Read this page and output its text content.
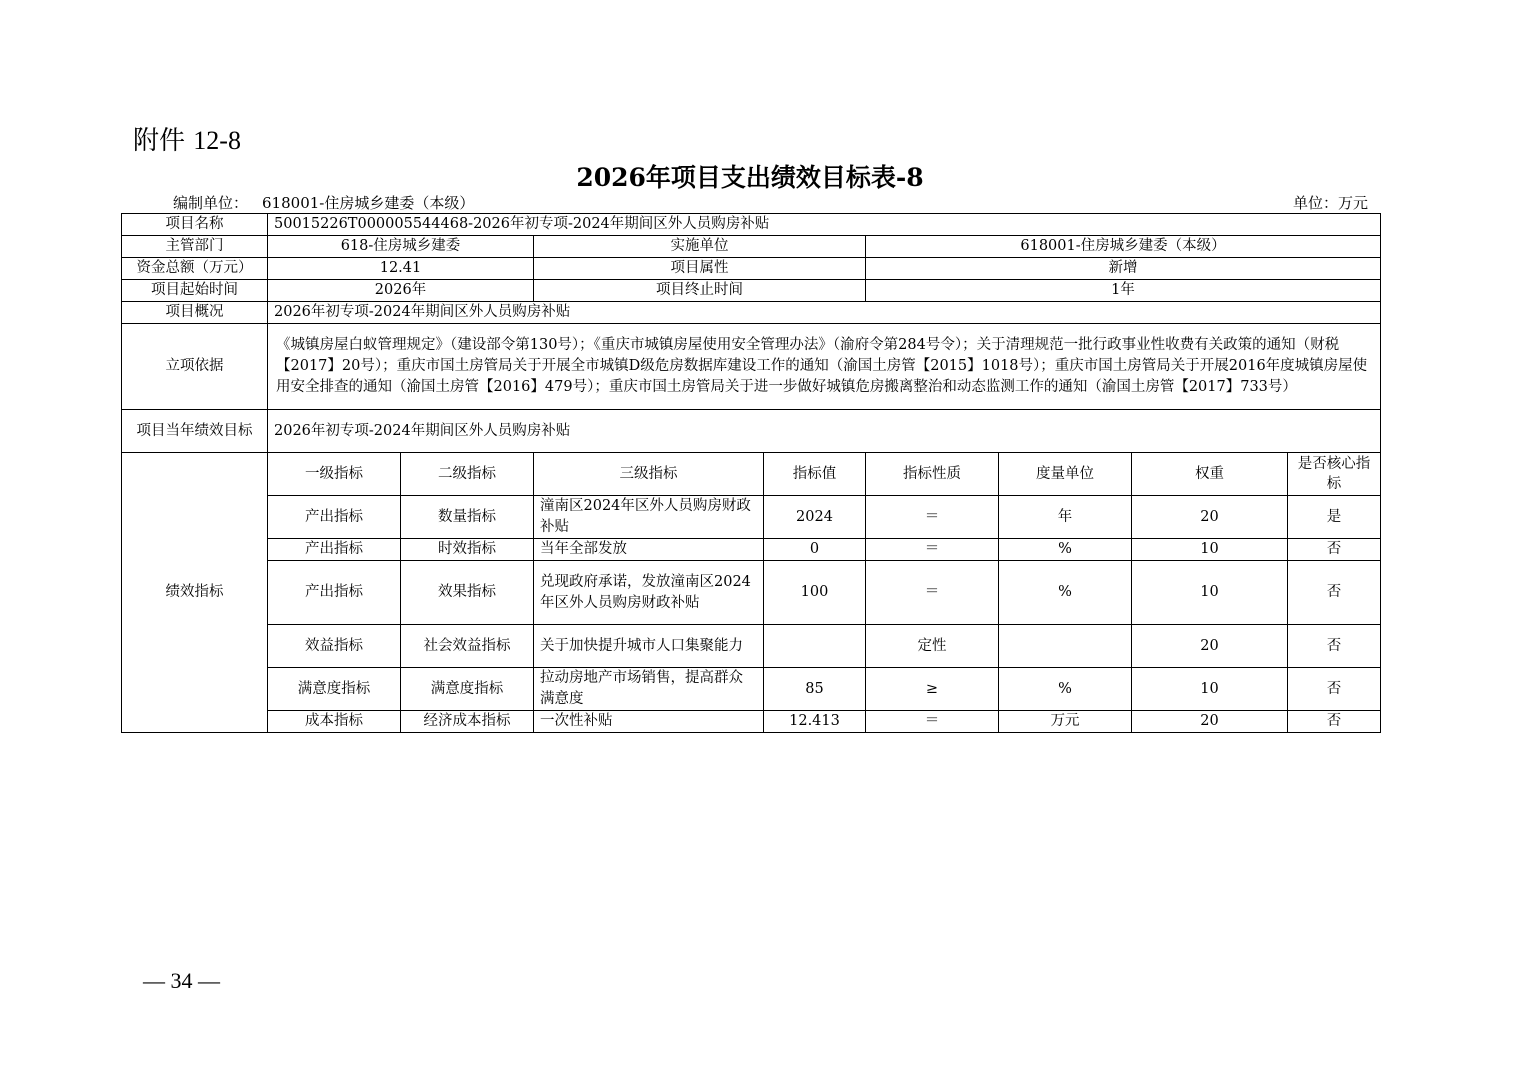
附件 12-8
2026年项目支出绩效目标表-8
编制单位： 618001-住房城乡建委（本级）	单位：万元
项目名称	50015226T000005544468-2026年初专项-2024年期间区外人员购房补贴							
主管部门	618-住房城乡建委		实施单位		618001-住房城乡建委（本级）			
资金总额（万元）	12.41		项目属性		新增			
项目起始时间	2026年		项目终止时间		1年			
项目概况	2026年初专项-2024年期间区外人员购房补贴							
立项依据	《城镇房屋白蚁管理规定》（建设部令第130号）；《重庆市城镇房屋使用安全管理办法》（渝府令第284号令）；关于清理规范一批行政事业性收费有关政策的通知（财税【2017】20号）；重庆市国土房管局关于开展全市城镇D级危房数据库建设工作的通知（渝国土房管【2015】1018号）；重庆市国土房管局关于开展2016年度城镇房屋使用安全排查的通知（渝国土房管【2016】479号）；重庆市国土房管局关于进一步做好城镇危房搬离整治和动态监测工作的通知（渝国土房管【2017】733号）							
项目当年绩效目标	2026年初专项-2024年期间区外人员购房补贴							
绩效指标	一级指标	二级指标	三级指标	指标值	指标性质	度量单位	权重	是否核心指标
	产出指标	数量指标	潼南区2024年区外人员购房财政补贴	2024	＝	年	20	是
	产出指标	时效指标	当年全部发放	0	＝	%	10	否
	产出指标	效果指标	兑现政府承诺，发放潼南区2024年区外人员购房财政补贴	100	＝	%	10	否
	效益指标	社会效益指标	关于加快提升城市人口集聚能力		定性		20	否
	满意度指标	满意度指标	拉动房地产市场销售，提高群众满意度	85	≥	%	10	否
	成本指标	经济成本指标	一次性补贴	12.413	＝	万元	20	否
— 34 —
